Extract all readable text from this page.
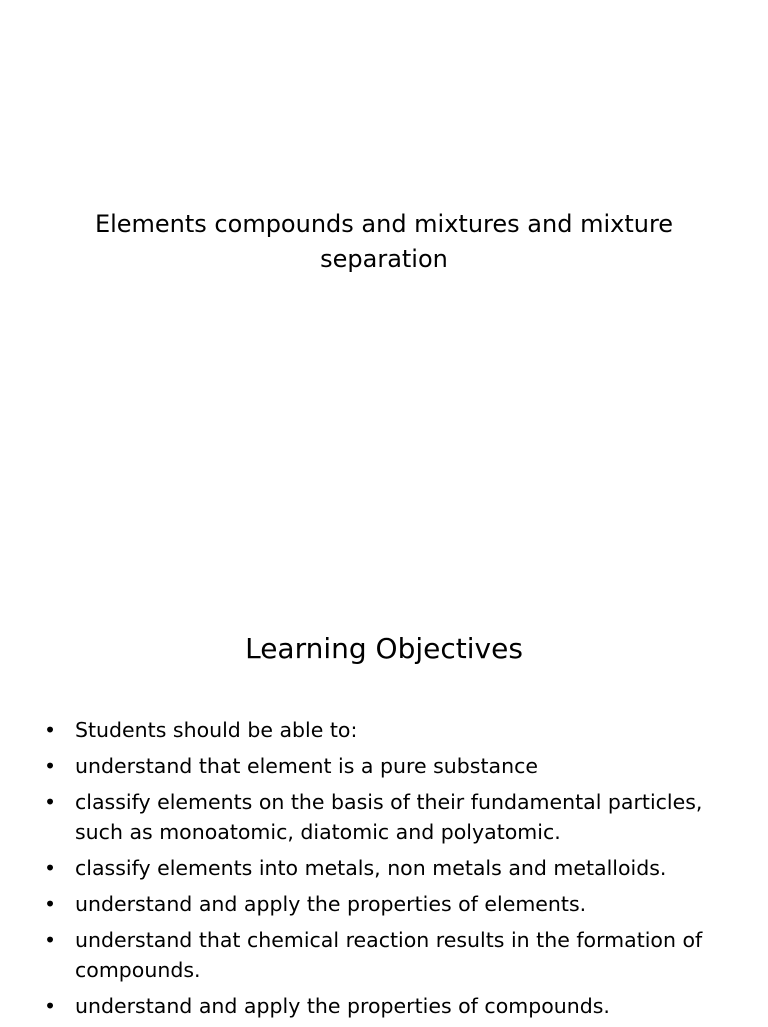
Elements compounds and mixtures and mixture separation
Learning Objectives
• Students should be able to:
• understand that element is a pure substance
• classify elements on the basis of their fundamental particles, such as monoatomic, diatomic and polyatomic.
• classify elements into metals, non metals and metalloids.
• understand and apply the properties of elements.
• understand that chemical reaction results in the formation of compounds.
• understand and apply the properties of compounds.
